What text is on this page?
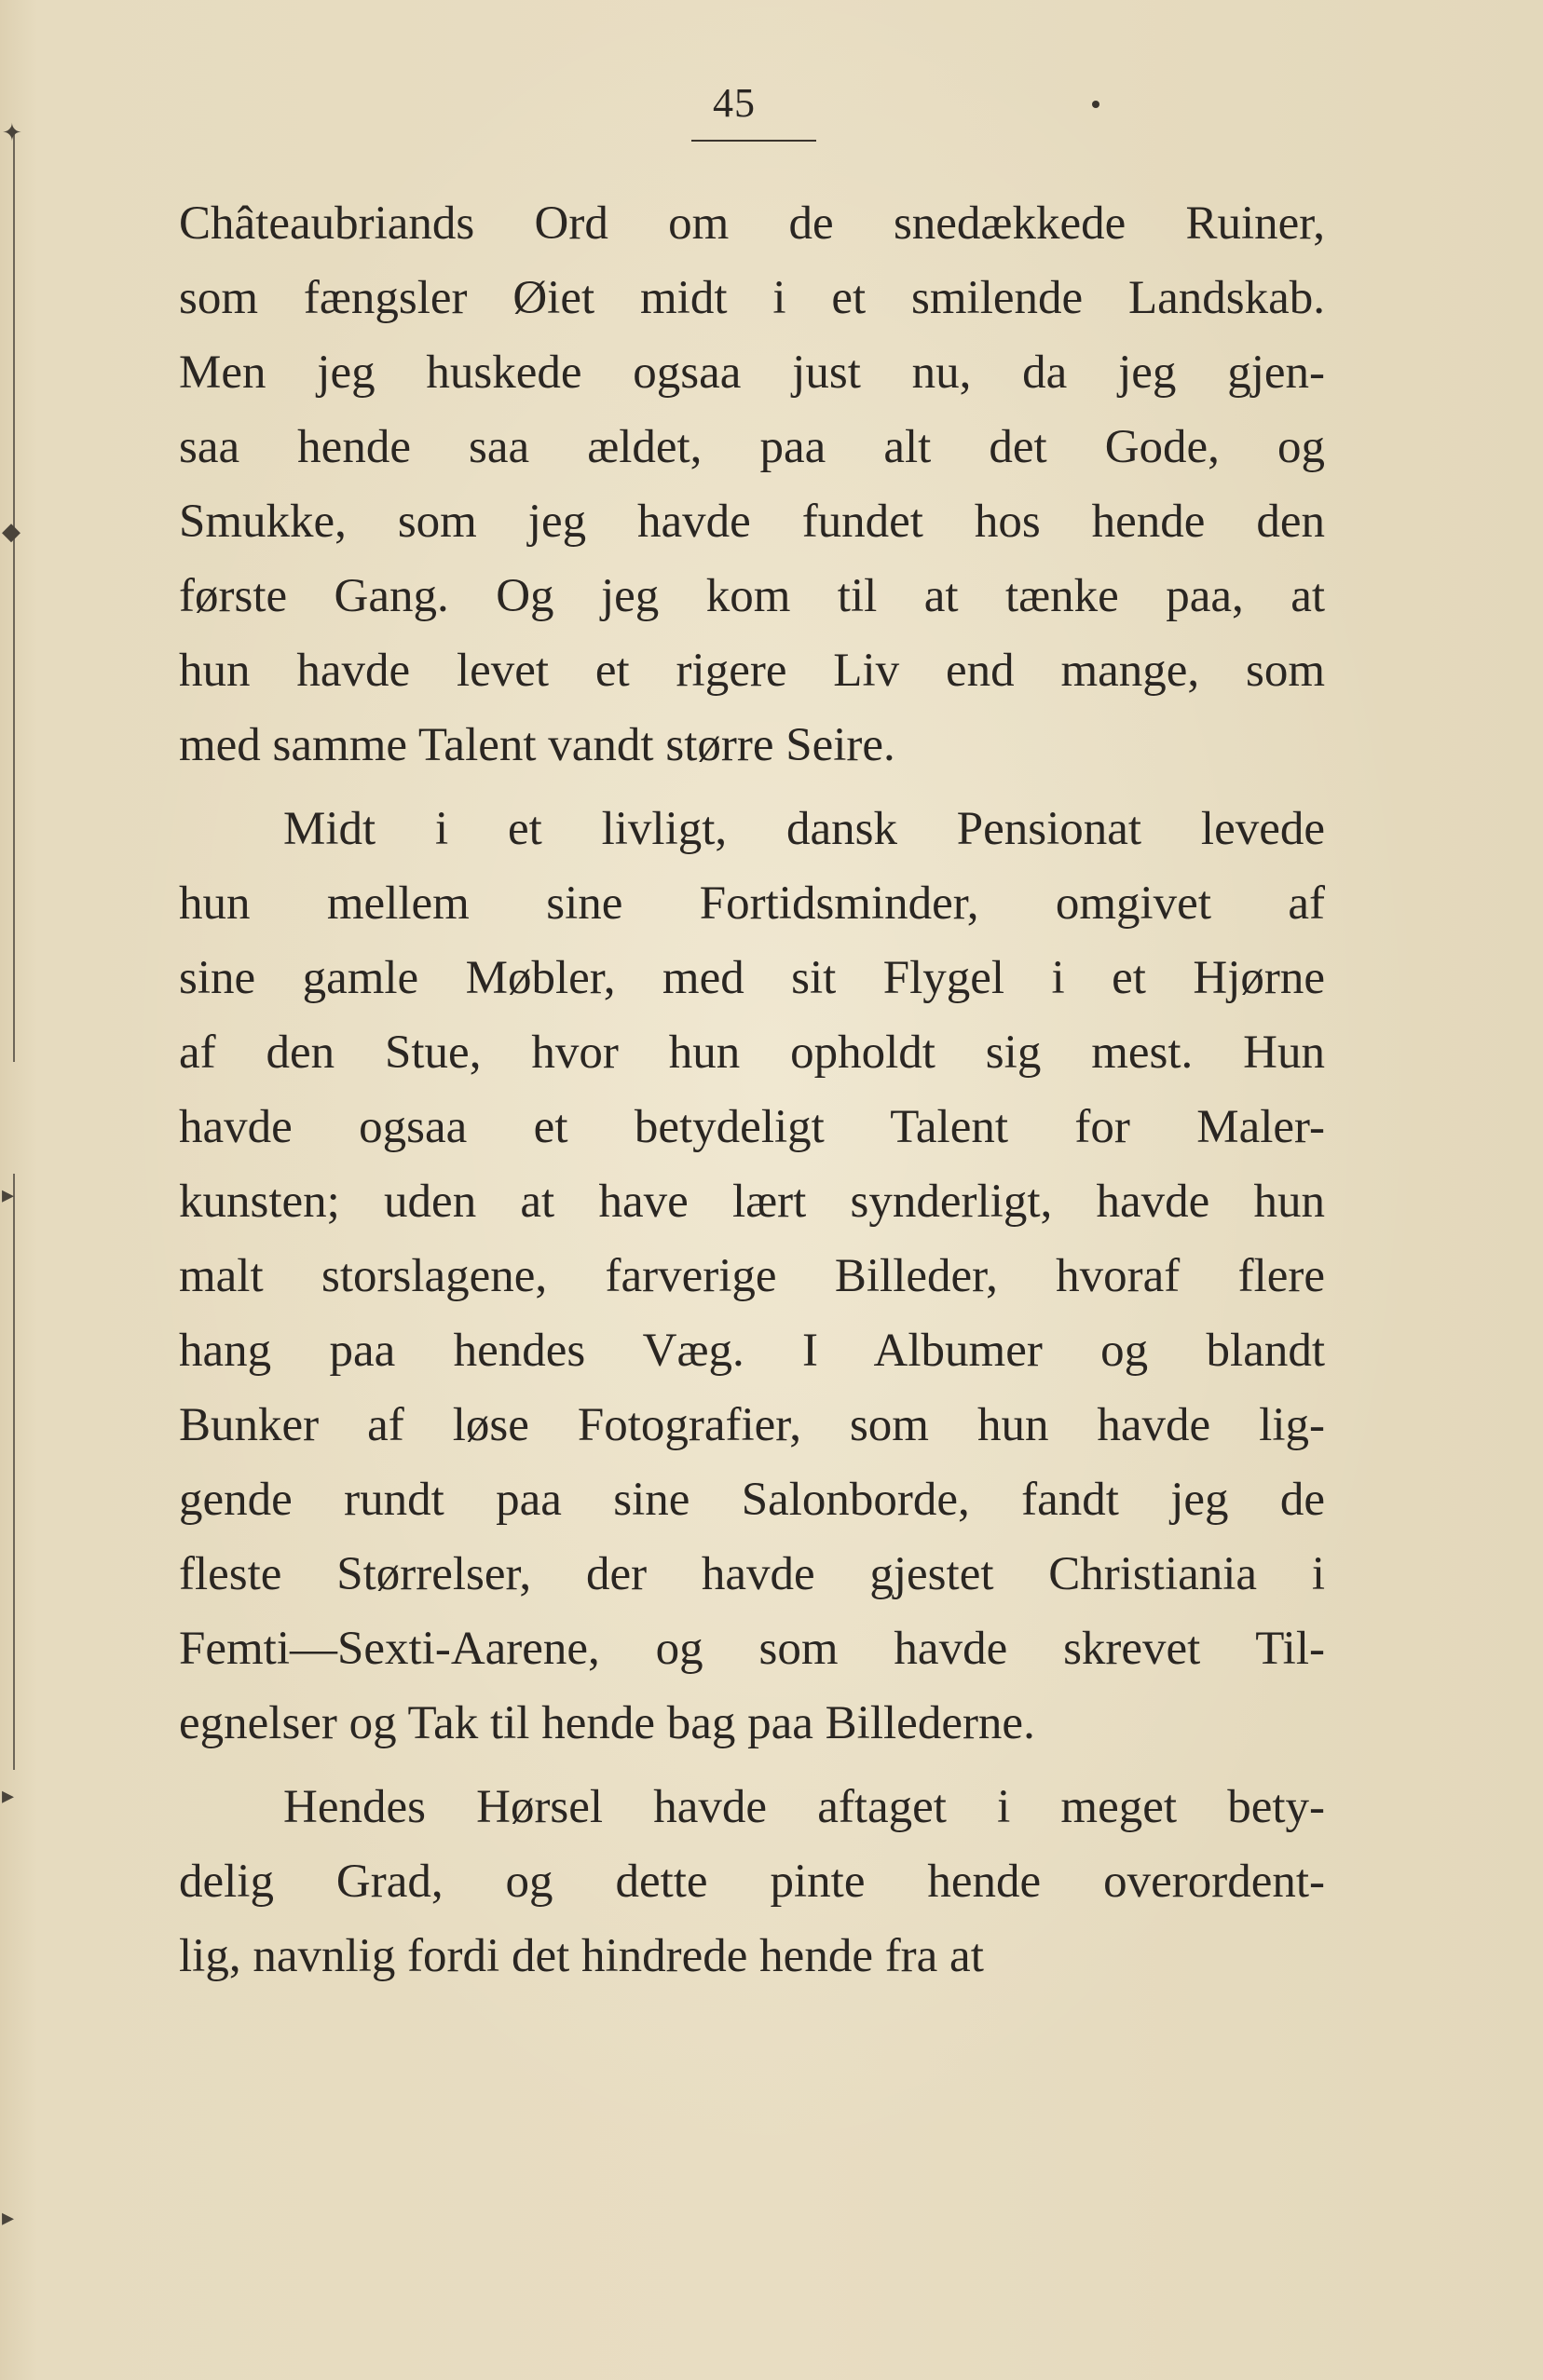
✦
◆
▸
▸
▸
45
Châteaubriands Ord om de snedækkede Ruiner,
som fængsler Øiet midt i et smilende Landskab.
Men jeg huskede ogsaa just nu, da jeg gjen-
saa hende saa ældet, paa alt det Gode, og
Smukke, som jeg havde fundet hos hende den
første Gang. Og jeg kom til at tænke paa, at
hun havde levet et rigere Liv end mange, som
med samme Talent vandt større Seire.
Midt i et livligt, dansk Pensionat levede
hun mellem sine Fortidsminder, omgivet af
sine gamle Møbler, med sit Flygel i et Hjørne
af den Stue, hvor hun opholdt sig mest. Hun
havde ogsaa et betydeligt Talent for Maler-
kunsten; uden at have lært synderligt, havde hun
malt storslagene, farverige Billeder, hvoraf flere
hang paa hendes Væg. I Albumer og blandt
Bunker af løse Fotografier, som hun havde lig-
gende rundt paa sine Salonborde, fandt jeg de
fleste Størrelser, der havde gjestet Christiania i
Femti—Sexti-Aarene, og som havde skrevet Til-
egnelser og Tak til hende bag paa Billederne.
Hendes Hørsel havde aftaget i meget bety-
delig Grad, og dette pinte hende overordent-
lig, navnlig fordi det hindrede hende fra at
